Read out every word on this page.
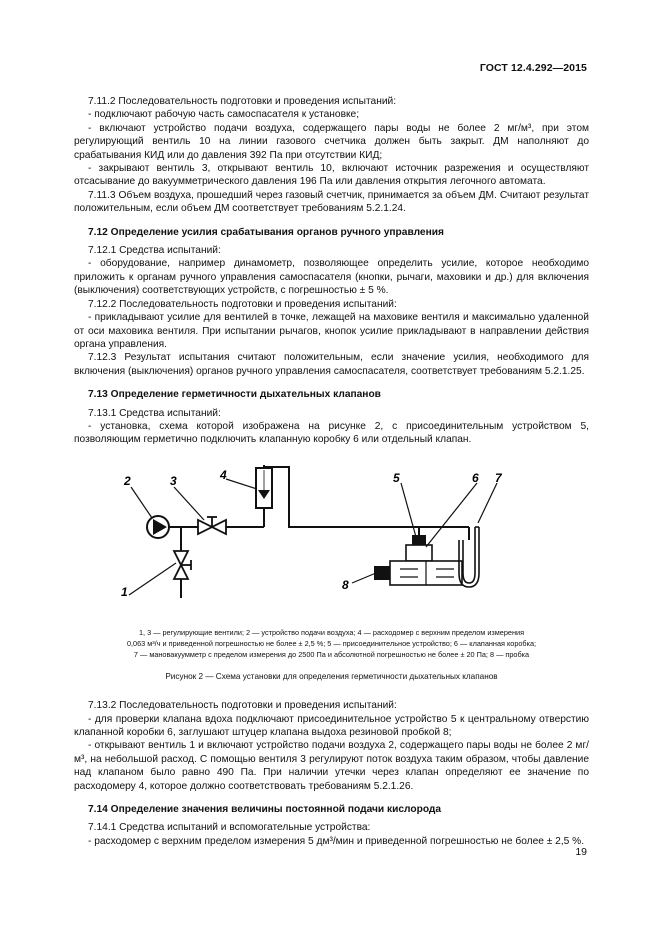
ГОСТ 12.4.292—2015

7.11.2 Последовательность подготовки и проведения испытаний:

- подключают рабочую часть самоспасателя к установке;

- включают устройство подачи воздуха, содержащего пары воды не более 2 мг/м³, при этом регулирующий вентиль 10 на линии газового счетчика должен быть закрыт. ДМ наполняют до срабатывания КИД или до давления 392 Па при отсутствии КИД;

- закрывают вентиль 3, открывают вентиль 10, включают источник разрежения и осуществляют отсасывание до вакуумметрического давления 196 Па или давления открытия легочного автомата.

7.11.3 Объем воздуха, прошедший через газовый счетчик, принимается за объем ДМ. Считают результат положительным, если объем ДМ соответствует требованиям 5.2.1.24.

7.12 Определение усилия срабатывания органов ручного управления

7.12.1 Средства испытаний:

- оборудование, например динамометр, позволяющее определить усилие, которое необходимо приложить к органам ручного управления самоспасателя (кнопки, рычаги, маховики и др.) для включения (выключения) соответствующих устройств, с погрешностью ± 5 %.

7.12.2 Последовательность подготовки и проведения испытаний:

- прикладывают усилие для вентилей в точке, лежащей на маховике вентиля и максимально удаленной от оси маховика вентиля. При испытании рычагов, кнопок усилие прикладывают в направлении действия органа управления.

7.12.3 Результат испытания считают положительным, если значение усилия, необходимого для включения (выключения) органов ручного управления самоспасателя, соответствует требованиям 5.2.1.25.

7.13 Определение герметичности дыхательных клапанов

7.13.1 Средства испытаний:

- установка, схема которой изображена на рисунке 2, с присоединительным устройством 5, позволяющим герметично подключить клапанную коробку 6 или отдельный клапан.

2	3	4
1
5	6 7
8
1, 3 — регулирующие вентили; 2 — устройство подачи воздуха; 4 — расходомер с верхним пределом измерения
0,063 м³/ч и приведенной погрешностью не более ± 2,5 %; 5 — присоединительное устройство; 6 — клапанная коробка;
7 — мановакуумметр с пределом измерения до 2500 Па и абсолютной погрешностью не более ± 20 Па; 8 — пробка
Рисунок 2 — Схема установки для определения герметичности дыхательных клапанов

7.13.2 Последовательность подготовки и проведения испытаний:

- для проверки клапана вдоха подключают присоединительное устройство 5 к центральному отверстию клапанной коробки 6, заглушают штуцер клапана выдоха резиновой пробкой 8;

- открывают вентиль 1 и включают устройство подачи воздуха 2, содержащего пары воды не более 2 мг/м³, на небольшой расход. С помощью вентиля 3 регулируют поток воздуха таким образом, чтобы давление над клапаном было равно 490 Па. При наличии утечки через клапан определяют ее значение по расходомеру 4, которое должно соответствовать требованиям 5.2.1.26.

7.14 Определение значения величины постоянной подачи кислорода

7.14.1 Средства испытаний и вспомогательные устройства:

- расходомер с верхним пределом измерения 5 дм³/мин и приведенной погрешностью не более ± 2,5 %.

19
